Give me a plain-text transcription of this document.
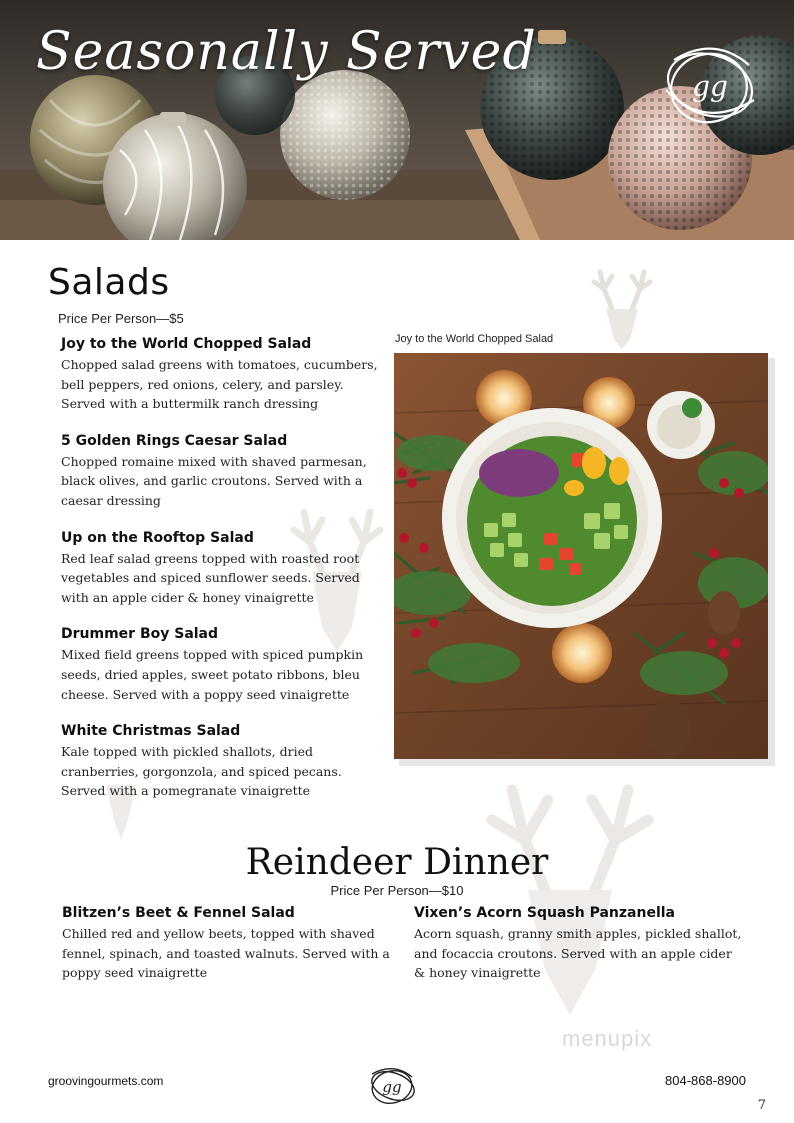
Seasonally Served
gg
Salads
Price Per Person—$5
Joy to the World Chopped Salad
Chopped salad greens with tomatoes, cucumbers, bell peppers, red onions, celery, and parsley. Served with a buttermilk ranch dressing
5 Golden Rings Caesar Salad
Chopped romaine mixed with shaved parmesan, black olives, and garlic croutons. Served with a caesar dressing
Up on the Rooftop Salad
Red leaf salad greens topped with roasted root vegetables and spiced sunflower seeds. Served with an apple cider & honey vinaigrette
Drummer Boy Salad
Mixed field greens topped with spiced pumpkin seeds, dried apples, sweet potato ribbons, bleu cheese. Served with a poppy seed vinaigrette
White Christmas Salad
Kale topped with pickled shallots, dried cranberries, gorgonzola, and spiced pecans. Served with a pomegranate vinaigrette
Joy to the World Chopped Salad
Reindeer Dinner
Price Per Person—$10
Blitzen’s Beet & Fennel Salad
Chilled red and yellow beets, topped with shaved fennel, spinach, and toasted walnuts. Served with a poppy seed vinaigrette
Vixen’s Acorn Squash Panzanella
Acorn squash, granny smith apples, pickled shallot, and focaccia croutons. Served with an apple cider & honey vinaigrette
menupix
groovingourmets.com	gg	804-868-8900
7
